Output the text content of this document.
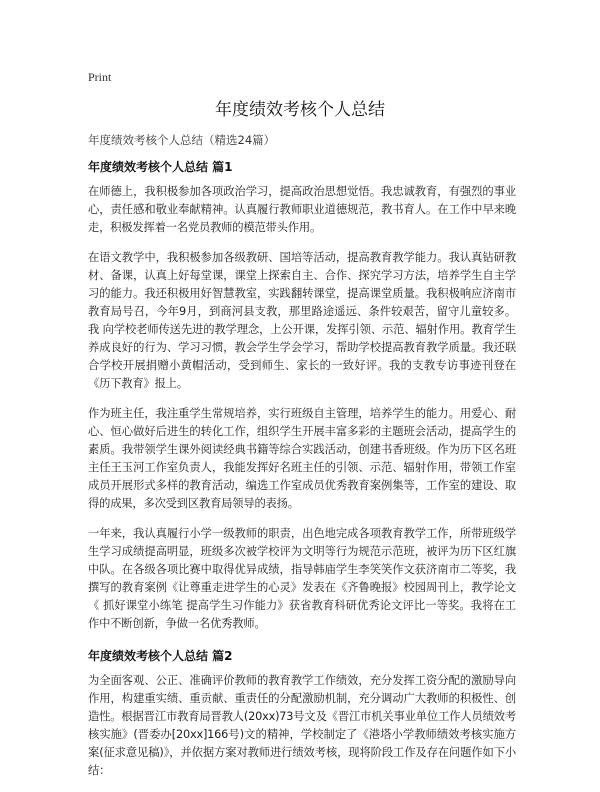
Print
年度绩效考核个人总结
年度绩效考核个人总结（精选24篇）
年度绩效考核个人总结 篇1

在师德上，我积极参加各项政治学习，提高政治思想觉悟。我忠诚教育，有强烈的事业心，责任感和敬业奉献精神。认真履行教师职业道德规范，教书育人。在工作中早来晚走，积极发挥着一名党员教师的模范带头作用。

在语文教学中，我积极参加各级教研、国培等活动，提高教育教学能力。我认真钻研教材、备课，认真上好每堂课，课堂上探索自主、合作、探究学习方法，培养学生自主学习的能力。我还积极用好智慧教室，实践翻转课堂，提高课堂质量。我积极响应济南市教育局号召，今年9月，到商河县支教，那里路途遥远、条件较艰苦，留守儿童较多。我 向学校老师传送先进的教学理念，上公开课，发挥引领、示范、辐射作用。教育学生养成良好的行为、学习习惯，教会学生学会学习，帮助学校提高教育教学质量。我还联合学校开展捐赠小黄帽活动，受到师生、家长的一致好评。我的支教专访事迹刊登在《历下教育》报上。

作为班主任，我注重学生常规培养，实行班级自主管理，培养学生的能力。用爱心、耐心、恒心做好后进生的转化工作，组织学生开展丰富多彩的主题班会活动，提高学生的素质。我带领学生课外阅读经典书籍等综合实践活动，创建书香班级。作为历下区名班主任王玉河工作室负责人，我能发挥好名班主任的引领、示范、辐射作用，带领工作室成员开展形式多样的教育活动，编选工作室成员优秀教育案例集等，工作室的建设、取得的成果，多次受到区教育局领导的表扬。

一年来，我认真履行小学一级教师的职责，出色地完成各项教育教学工作，所带班级学生学习成绩提高明显，班级多次被学校评为文明等行为规范示范班，被评为历下区红旗中队。在各级各项比赛中取得优异成绩，指导韩庙学生李笑笑作文获济南市二等奖，我撰写的教育案例《让尊重走进学生的心灵》发表在《齐鲁晚报》校园周刊上，教学论文《 抓好课堂小练笔 提高学生习作能力》获省教育科研优秀论文评比一等奖。我将在工作中不断创新，争做一名优秀教师。

年度绩效考核个人总结 篇2

为全面客观、公正、准确评价教师的教育教学工作绩效，充分发挥工资分配的激励导向作用，构建重实绩、重贡献、重责任的分配激励机制，充分调动广大教师的积极性、创造性。根据晋江市教育局晋教人(20xx)73号文及《晋江市机关事业单位工作人员绩效考核实施》(晋委办[20xx]166号)文的精神，学校制定了《港塔小学教师绩效考核实施方案(征求意见稿)》，并依据方案对教师进行绩效考核，现将阶段工作及存在问题作如下小结：
